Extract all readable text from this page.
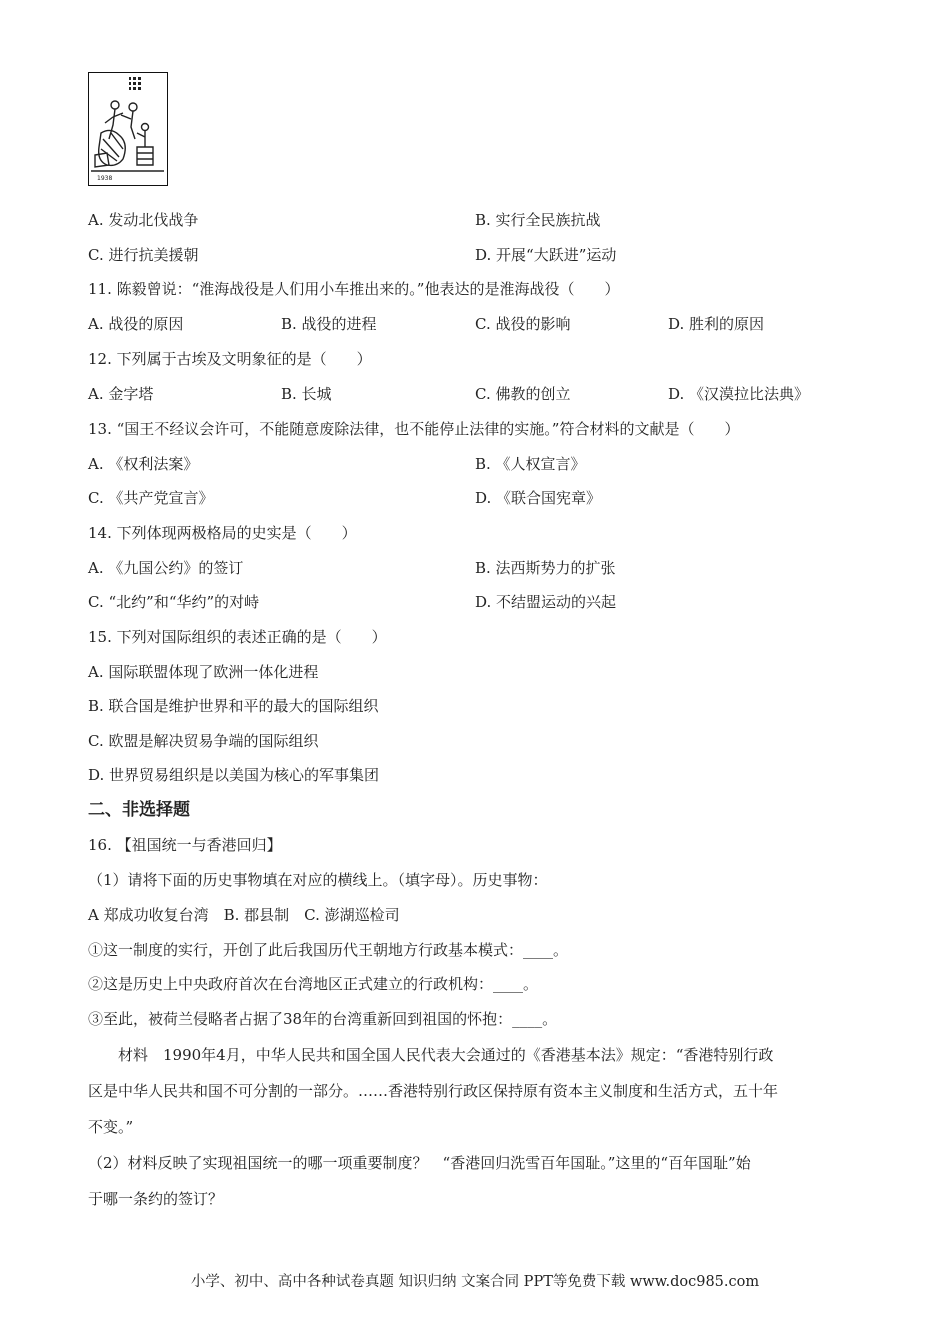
1938
A. 发动北伐战争	B. 实行全民族抗战
C. 进行抗美援朝	D. 开展“大跃进”运动
11. 陈毅曾说：“淮海战役是人们用小车推出来的。”他表达的是淮海战役（　　）
A. 战役的原因	B. 战役的进程	C. 战役的影响	D. 胜利的原因
12. 下列属于古埃及文明象征的是（　　）
A. 金字塔	B. 长城	C. 佛教的创立	D. 《汉漠拉比法典》
13. “国王不经议会许可，不能随意废除法律，也不能停止法律的实施。”符合材料的文献是（　　）
A. 《权利法案》	B. 《人权宣言》
C. 《共产党宣言》	D. 《联合国宪章》
14. 下列体现两极格局的史实是（　　）
A. 《九国公约》的签订	B. 法西斯势力的扩张
C. “北约”和“华约”的对峙	D. 不结盟运动的兴起
15. 下列对国际组织的表述正确的是（　　）
A. 国际联盟体现了欧洲一体化进程
B. 联合国是维护世界和平的最大的国际组织
C. 欧盟是解决贸易争端的国际组织
D. 世界贸易组织是以美国为核心的军事集团
二、非选择题
16. 【祖国统一与香港回归】
（1）请将下面的历史事物填在对应的横线上。（填字母）。历史事物：
A 郑成功收复台湾　B. 郡县制　C. 澎湖巡检司
①这一制度的实行，开创了此后我国历代王朝地方行政基本模式：____。
②这是历史上中央政府首次在台湾地区正式建立的行政机构：____。
③至此，被荷兰侵略者占据了38年的台湾重新回到祖国的怀抱：____。
材料　1990年4月，中华人民共和国全国人民代表大会通过的《香港基本法》规定：“香港特别行政
区是中华人民共和国不可分割的一部分。……香港特别行政区保持原有资本主义制度和生活方式，五十年
不变。”
（2）材料反映了实现祖国统一的哪一项重要制度？　“香港回归洗雪百年国耻。”这里的“百年国耻”始
于哪一条约的签订？
小学、初中、高中各种试卷真题 知识归纳 文案合同 PPT等免费下载 www.doc985.com
